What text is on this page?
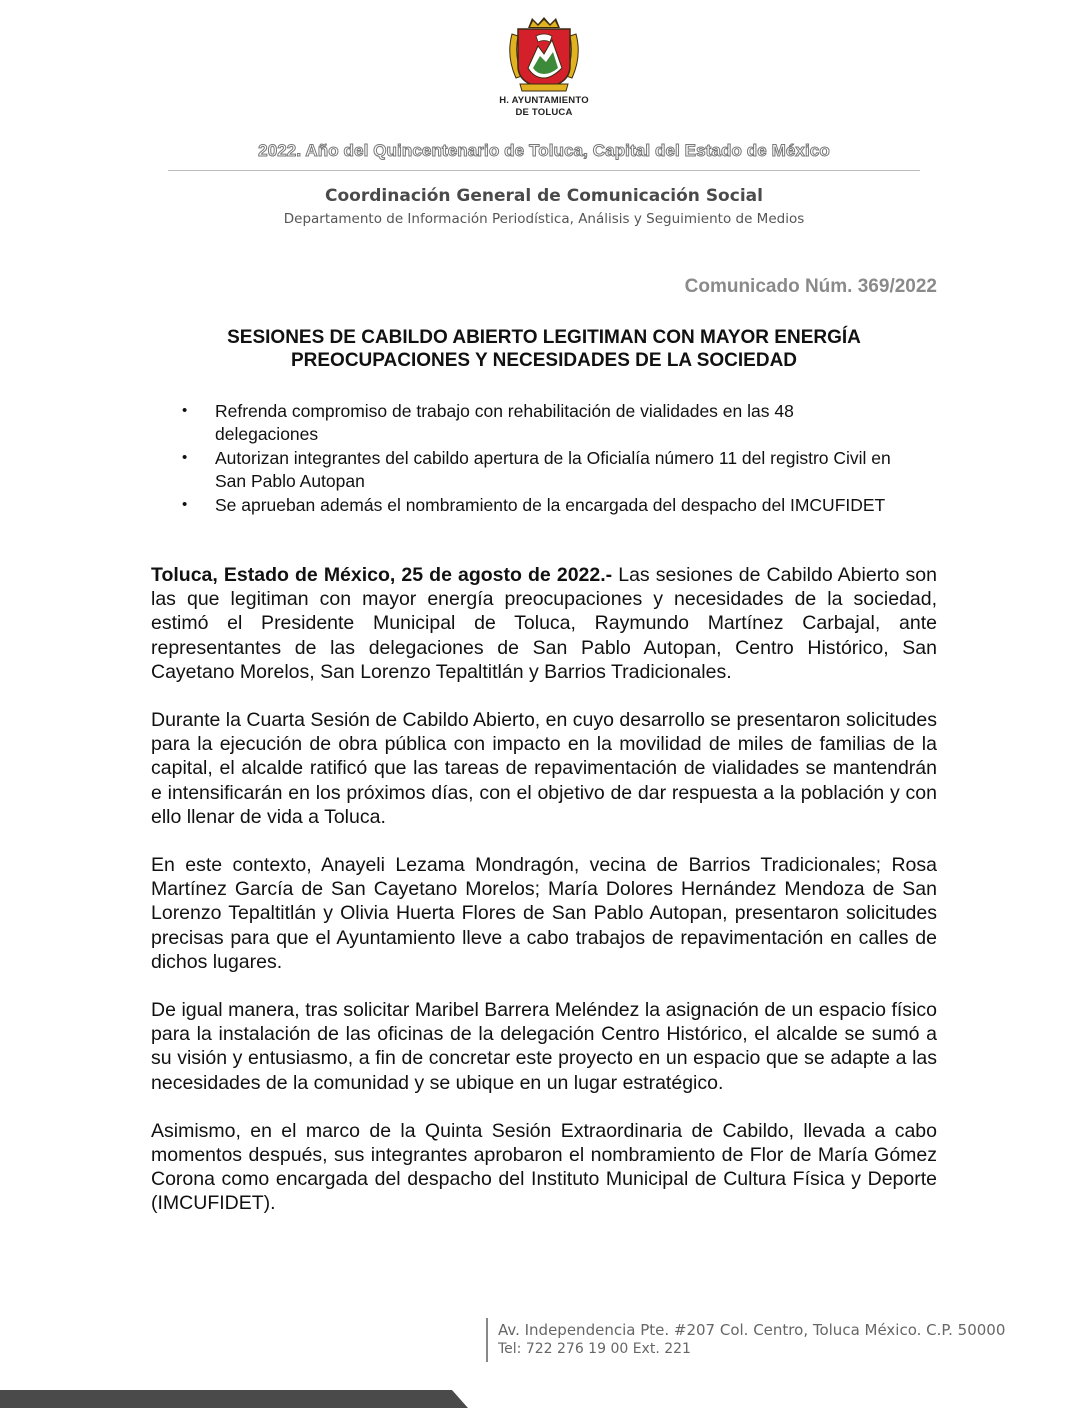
H. AYUNTAMIENTO
DE TOLUCA
2022. Año del Quincentenario de Toluca, Capital del Estado de México
Coordinación General de Comunicación Social
Departamento de Información Periodística, Análisis y Seguimiento de Medios
Comunicado Núm. 369/2022
SESIONES DE CABILDO ABIERTO LEGITIMAN CON MAYOR ENERGÍA
PREOCUPACIONES Y NECESIDADES DE LA SOCIEDAD
• Refrenda compromiso de trabajo con rehabilitación de vialidades en las 48 delegaciones
• Autorizan integrantes del cabildo apertura de la Oficialía número 11 del registro Civil en San Pablo Autopan
• Se aprueban además el nombramiento de la encargada del despacho del IMCUFIDET

Toluca, Estado de México, 25 de agosto de 2022.- Las sesiones de Cabildo Abierto son las que legitiman con mayor energía preocupaciones y necesidades de la sociedad, estimó el Presidente Municipal de Toluca, Raymundo Martínez Carbajal, ante representantes de las delegaciones de San Pablo Autopan, Centro Histórico, San Cayetano Morelos, San Lorenzo Tepaltitlán y Barrios Tradicionales.

Durante la Cuarta Sesión de Cabildo Abierto, en cuyo desarrollo se presentaron solicitudes para la ejecución de obra pública con impacto en la movilidad de miles de familias de la capital, el alcalde ratificó que las tareas de repavimentación de vialidades se mantendrán e intensificarán en los próximos días, con el objetivo de dar respuesta a la población y con ello llenar de vida a Toluca.

En este contexto, Anayeli Lezama Mondragón, vecina de Barrios Tradicionales; Rosa Martínez García de San Cayetano Morelos; María Dolores Hernández Mendoza de San Lorenzo Tepaltitlán y Olivia Huerta Flores de San Pablo Autopan, presentaron solicitudes precisas para que el Ayuntamiento lleve a cabo trabajos de repavimentación en calles de dichos lugares.

De igual manera, tras solicitar Maribel Barrera Meléndez la asignación de un espacio físico para la instalación de las oficinas de la delegación Centro Histórico, el alcalde se sumó a su visión y entusiasmo, a fin de concretar este proyecto en un espacio que se adapte a las necesidades de la comunidad y se ubique en un lugar estratégico.

Asimismo, en el marco de la Quinta Sesión Extraordinaria de Cabildo, llevada a cabo momentos después, sus integrantes aprobaron el nombramiento de Flor de María Gómez Corona como encargada del despacho del Instituto Municipal de Cultura Física y Deporte (IMCUFIDET).

Av. Independencia Pte. #207 Col. Centro, Toluca México. C.P. 50000
Tel: 722 276 19 00 Ext. 221
